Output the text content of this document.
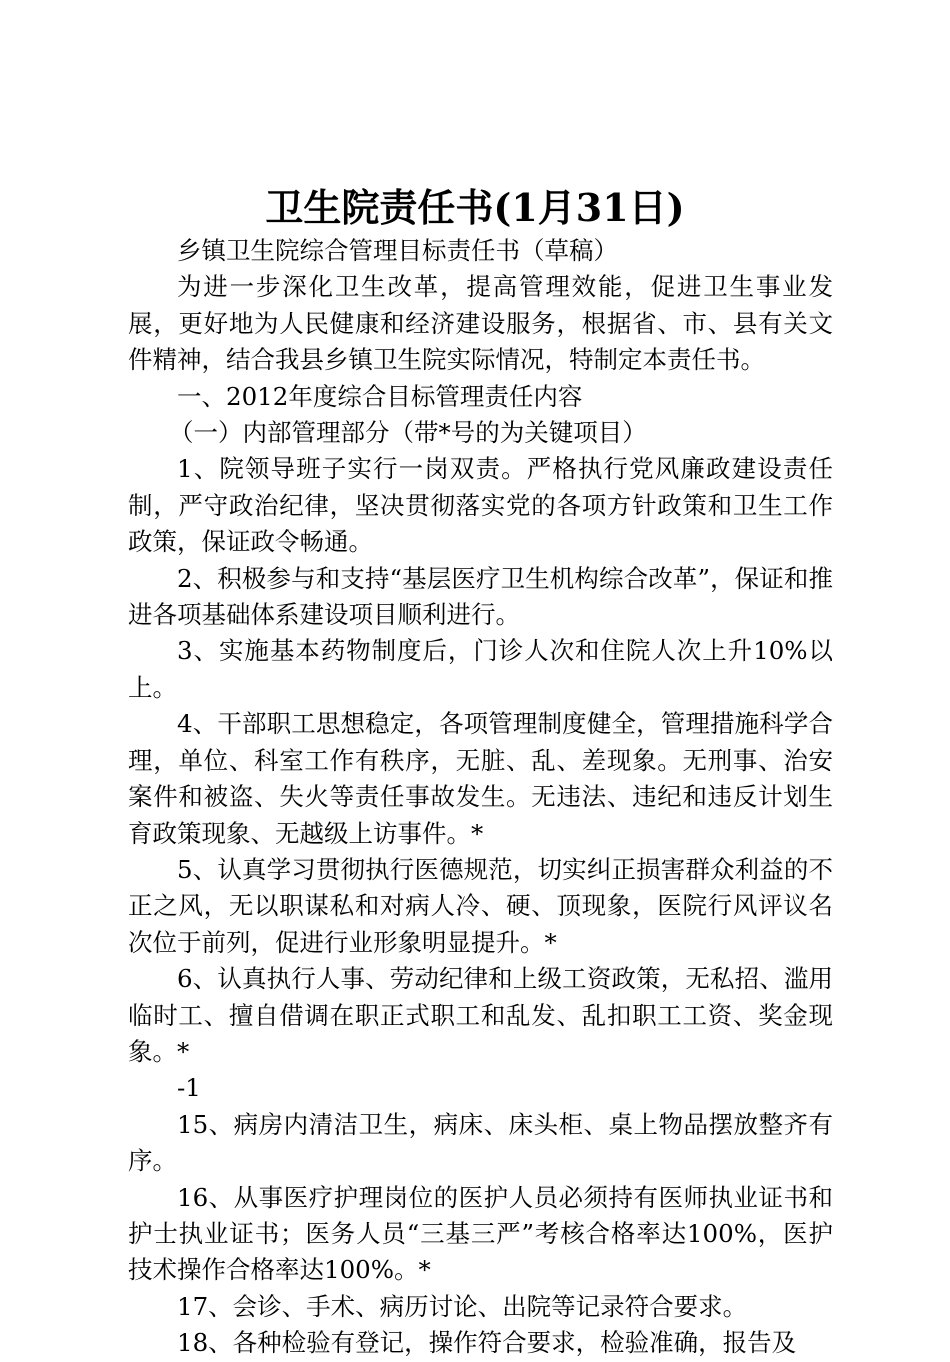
卫生院责任书(1月31日)

乡镇卫生院综合管理目标责任书（草稿）

为进一步深化卫生改革，提高管理效能，促进卫生事业发展，更好地为人民健康和经济建设服务，根据省、市、县有关文件精神，结合我县乡镇卫生院实际情况，特制定本责任书。

一、2012年度综合目标管理责任内容

（一）内部管理部分（带*号的为关键项目）

1、院领导班子实行一岗双责。严格执行党风廉政建设责任制，严守政治纪律，坚决贯彻落实党的各项方针政策和卫生工作政策，保证政令畅通。

2、积极参与和支持“基层医疗卫生机构综合改革”，保证和推进各项基础体系建设项目顺利进行。

3、实施基本药物制度后，门诊人次和住院人次上升10%以上。

4、干部职工思想稳定，各项管理制度健全，管理措施科学合理，单位、科室工作有秩序，无脏、乱、差现象。无刑事、治安案件和被盗、失火等责任事故发生。无违法、违纪和违反计划生育政策现象、无越级上访事件。*

5、认真学习贯彻执行医德规范，切实纠正损害群众利益的不正之风，无以职谋私和对病人冷、硬、顶现象，医院行风评议名次位于前列，促进行业形象明显提升。*

6、认真执行人事、劳动纪律和上级工资政策，无私招、滥用临时工、擅自借调在职正式职工和乱发、乱扣职工工资、奖金现象。*

-1

15、病房内清洁卫生，病床、床头柜、桌上物品摆放整齐有序。

16、从事医疗护理岗位的医护人员必须持有医师执业证书和护士执业证书；医务人员“三基三严”考核合格率达100%，医护技术操作合格率达100%。*

17、会诊、手术、病历讨论、出院等记录符合要求。

18、各种检验有登记，操作符合要求，检验准确，报告及
